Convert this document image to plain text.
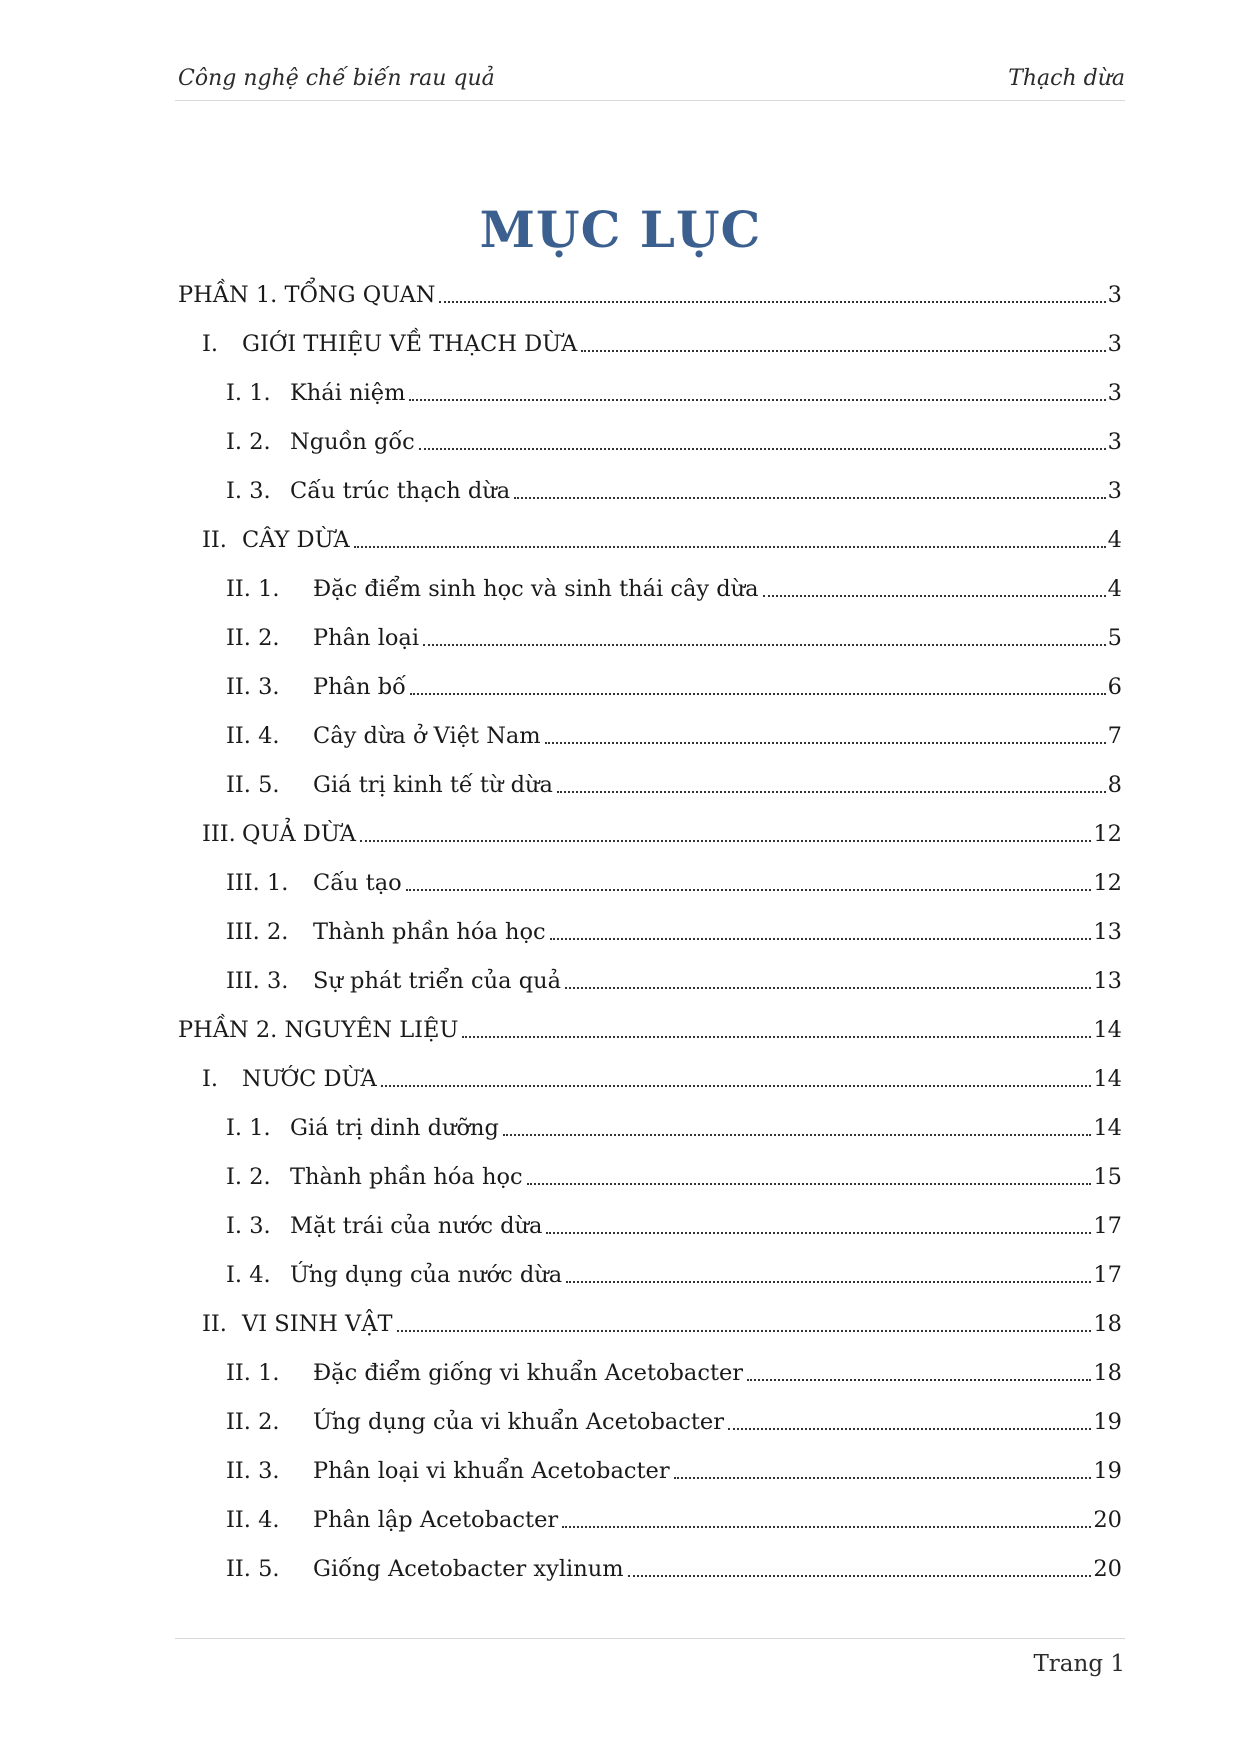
Công nghệ chế biến rau quả	Thạch dừa
MỤC LỤC
PHẦN 1. TỔNG QUAN	3
I.	GIỚI THIỆU VỀ THẠCH DỪA	3
I. 1. Khái niệm	3
I. 2. Nguồn gốc	3
I. 3. Cấu trúc thạch dừa	3
II. CÂY DỪA	4
II. 1.	Đặc điểm sinh học và sinh thái cây dừa	4
II. 2.	Phân loại	5
II. 3.	Phân bố	6
II. 4.	Cây dừa ở Việt Nam	7
II. 5.	Giá trị kinh tế từ dừa	8
III. QUẢ DỪA	12
III. 1.	Cấu tạo	12
III. 2.	Thành phần hóa học	13
III. 3.	Sự phát triển của quả	13
PHẦN 2. NGUYÊN LIỆU	14
I.	NƯỚC DỪA	14
I. 1. Giá trị dinh dưỡng	14
I. 2. Thành phần hóa học	15
I. 3. Mặt trái của nước dừa	17
I. 4. Ứng dụng của nước dừa	17
II. VI SINH VẬT	18
II. 1.	Đặc điểm giống vi khuẩn Acetobacter	18
II. 2.	Ứng dụng của vi khuẩn Acetobacter	19
II. 3.	Phân loại vi khuẩn Acetobacter	19
II. 4.	Phân lập Acetobacter	20
II. 5.	Giống Acetobacter xylinum	20
Trang 1
